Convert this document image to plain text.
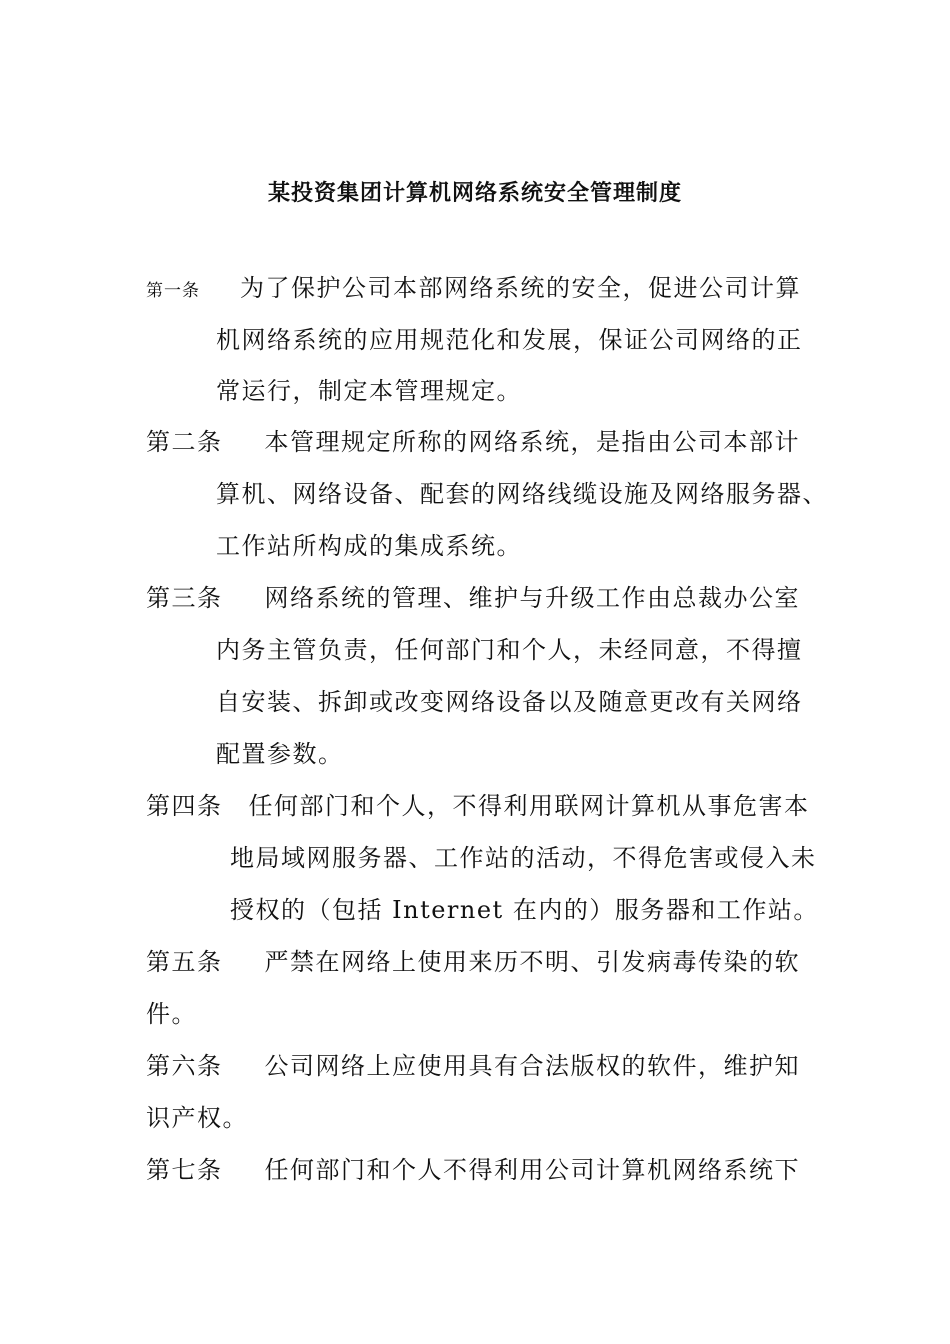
某投资集团计算机网络系统安全管理制度
第一条 为了保护公司本部网络系统的安全，促进公司计算
机网络系统的应用规范化和发展，保证公司网络的正
常运行，制定本管理规定。
第二条 本管理规定所称的网络系统，是指由公司本部计
算机、网络设备、配套的网络线缆设施及网络服务器、
工作站所构成的集成系统。
第三条 网络系统的管理、维护与升级工作由总裁办公室
内务主管负责，任何部门和个人，未经同意，不得擅
自安装、拆卸或改变网络设备以及随意更改有关网络
配置参数。
第四条 任何部门和个人，不得利用联网计算机从事危害本
地局域网服务器、工作站的活动，不得危害或侵入未
授权的（包括 Internet 在内的）服务器和工作站。
第五条 严禁在网络上使用来历不明、引发病毒传染的软
件。
第六条 公司网络上应使用具有合法版权的软件，维护知
识产权。
第七条 任何部门和个人不得利用公司计算机网络系统下
